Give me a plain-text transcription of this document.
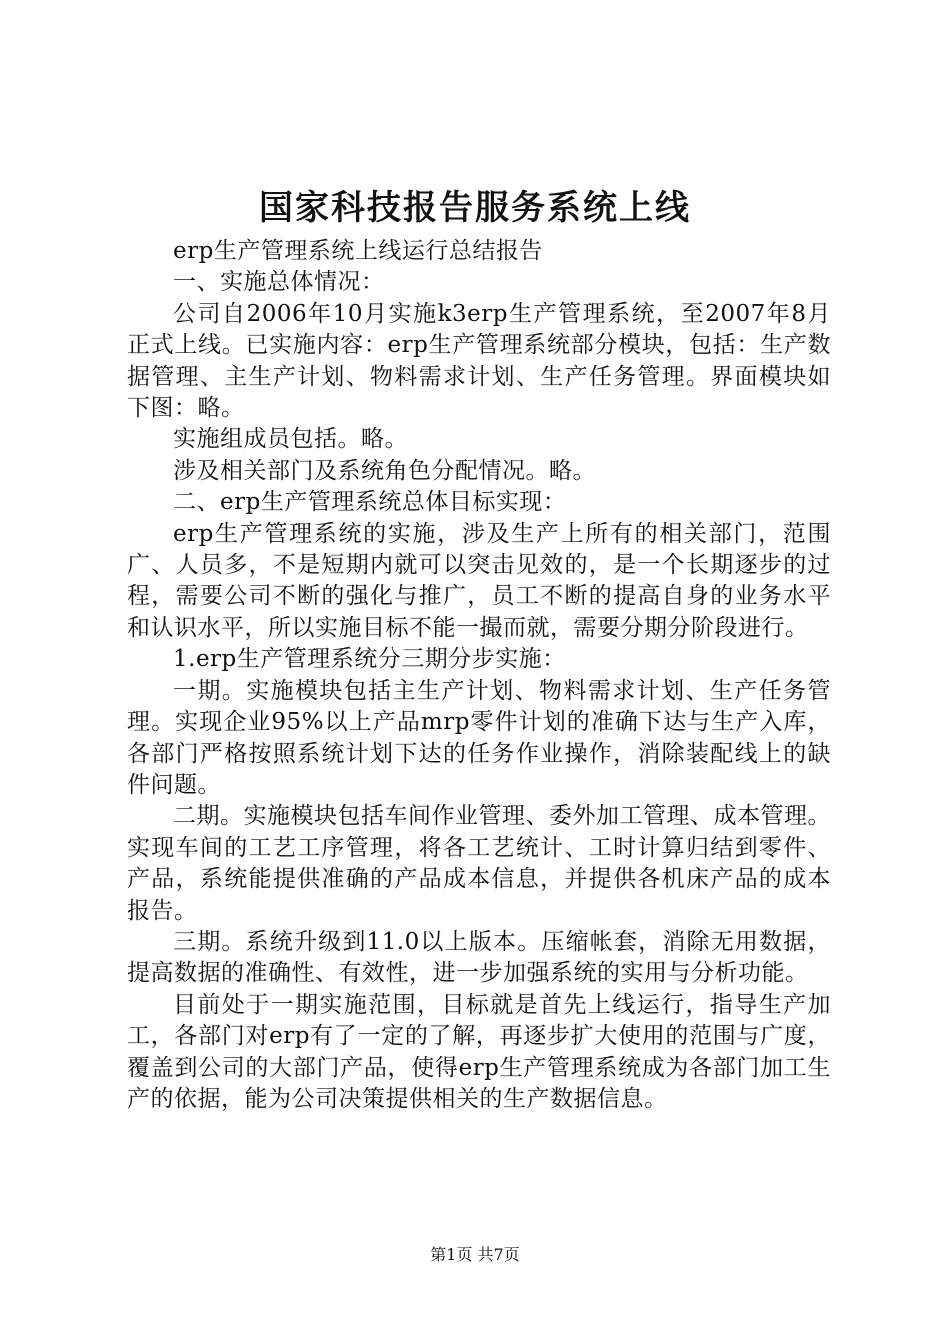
国家科技报告服务系统上线

erp生产管理系统上线运行总结报告

一、实施总体情况：

公司自2006年10月实施k3erp生产管理系统，至2007年8月正式上线。已实施内容：erp生产管理系统部分模块，包括：生产数据管理、主生产计划、物料需求计划、生产任务管理。界面模块如下图：略。

实施组成员包括。略。

涉及相关部门及系统角色分配情况。略。

二、erp生产管理系统总体目标实现：

erp生产管理系统的实施，涉及生产上所有的相关部门，范围广、人员多，不是短期内就可以突击见效的，是一个长期逐步的过程，需要公司不断的强化与推广，员工不断的提高自身的业务水平和认识水平，所以实施目标不能一撮而就，需要分期分阶段进行。

1.erp生产管理系统分三期分步实施：

一期。实施模块包括主生产计划、物料需求计划、生产任务管理。实现企业95%以上产品mrp零件计划的准确下达与生产入库，各部门严格按照系统计划下达的任务作业操作，消除装配线上的缺件问题。

二期。实施模块包括车间作业管理、委外加工管理、成本管理。实现车间的工艺工序管理，将各工艺统计、工时计算归结到零件、产品，系统能提供准确的产品成本信息，并提供各机床产品的成本报告。

三期。系统升级到11.0以上版本。压缩帐套，消除无用数据，提高数据的准确性、有效性，进一步加强系统的实用与分析功能。

目前处于一期实施范围，目标就是首先上线运行，指导生产加工，各部门对erp有了一定的了解，再逐步扩大使用的范围与广度，覆盖到公司的大部门产品，使得erp生产管理系统成为各部门加工生产的依据，能为公司决策提供相关的生产数据信息。

第1页 共7页
